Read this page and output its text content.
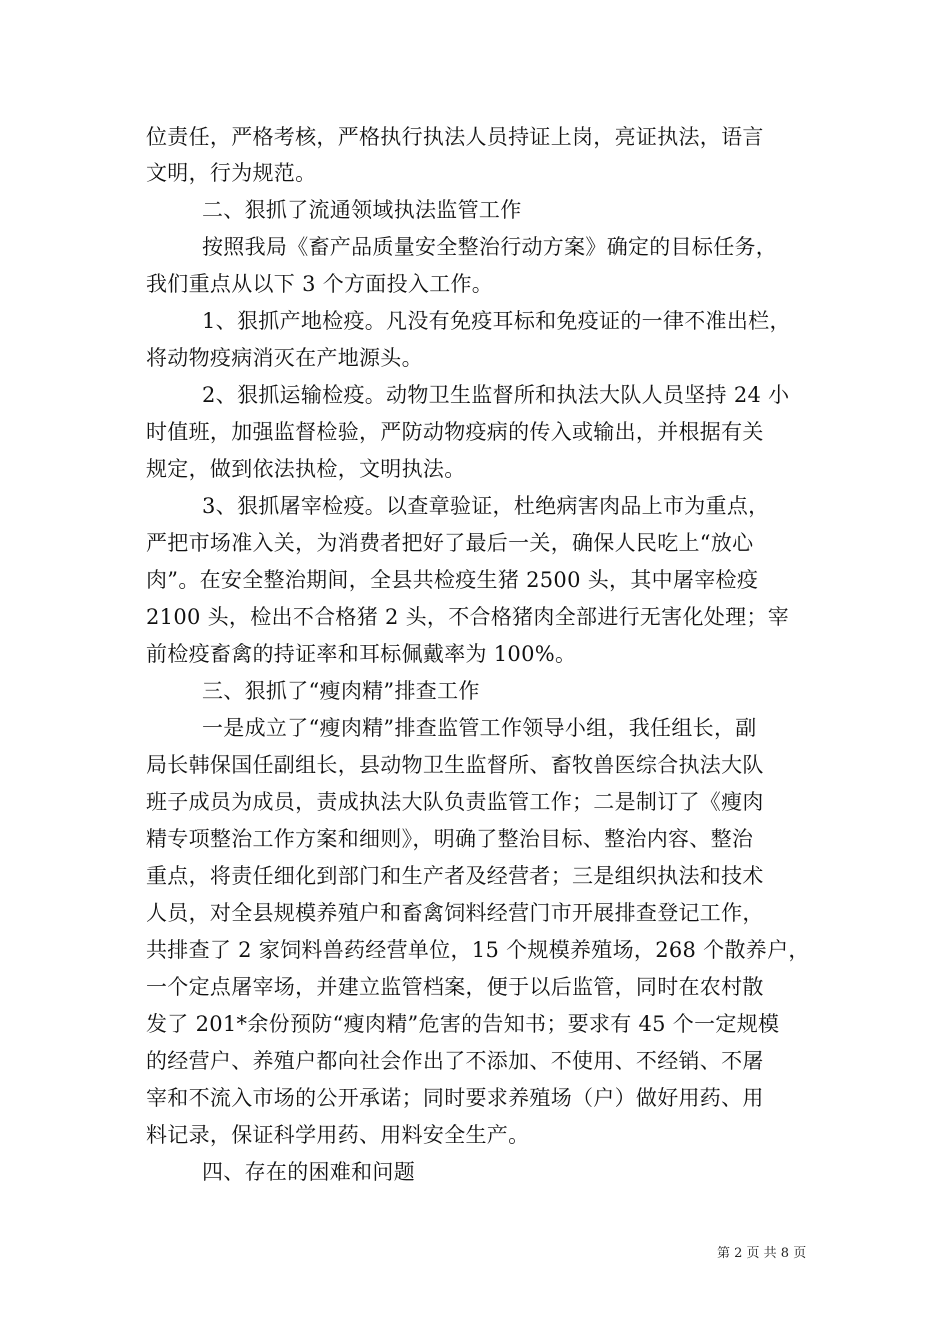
位责任，严格考核，严格执行执法人员持证上岗，亮证执法，语言
文明，行为规范。
二、狠抓了流通领域执法监管工作
按照我局《畜产品质量安全整治行动方案》确定的目标任务，
我们重点从以下 3 个方面投入工作。
1、狠抓产地检疫。凡没有免疫耳标和免疫证的一律不准出栏，
将动物疫病消灭在产地源头。
2、狠抓运输检疫。动物卫生监督所和执法大队人员坚持 24 小
时值班，加强监督检验，严防动物疫病的传入或输出，并根据有关
规定，做到依法执检，文明执法。
3、狠抓屠宰检疫。以查章验证，杜绝病害肉品上市为重点，
严把市场准入关，为消费者把好了最后一关，确保人民吃上“放心
肉”。在安全整治期间，全县共检疫生猪 2500 头，其中屠宰检疫
2100 头，检出不合格猪 2 头，不合格猪肉全部进行无害化处理；宰
前检疫畜禽的持证率和耳标佩戴率为 100%。
三、狠抓了“瘦肉精”排查工作
一是成立了“瘦肉精”排查监管工作领导小组，我任组长，副
局长韩保国任副组长，县动物卫生监督所、畜牧兽医综合执法大队
班子成员为成员，责成执法大队负责监管工作；二是制订了《瘦肉
精专项整治工作方案和细则》，明确了整治目标、整治内容、整治
重点，将责任细化到部门和生产者及经营者；三是组织执法和技术
人员，对全县规模养殖户和畜禽饲料经营门市开展排查登记工作，
共排查了 2 家饲料兽药经营单位，15 个规模养殖场，268 个散养户，
一个定点屠宰场，并建立监管档案，便于以后监管，同时在农村散
发了 201*余份预防“瘦肉精”危害的告知书；要求有 45 个一定规模
的经营户、养殖户都向社会作出了不添加、不使用、不经销、不屠
宰和不流入市场的公开承诺；同时要求养殖场（户）做好用药、用
料记录，保证科学用药、用料安全生产。
四、存在的困难和问题
第 2 页 共 8 页
